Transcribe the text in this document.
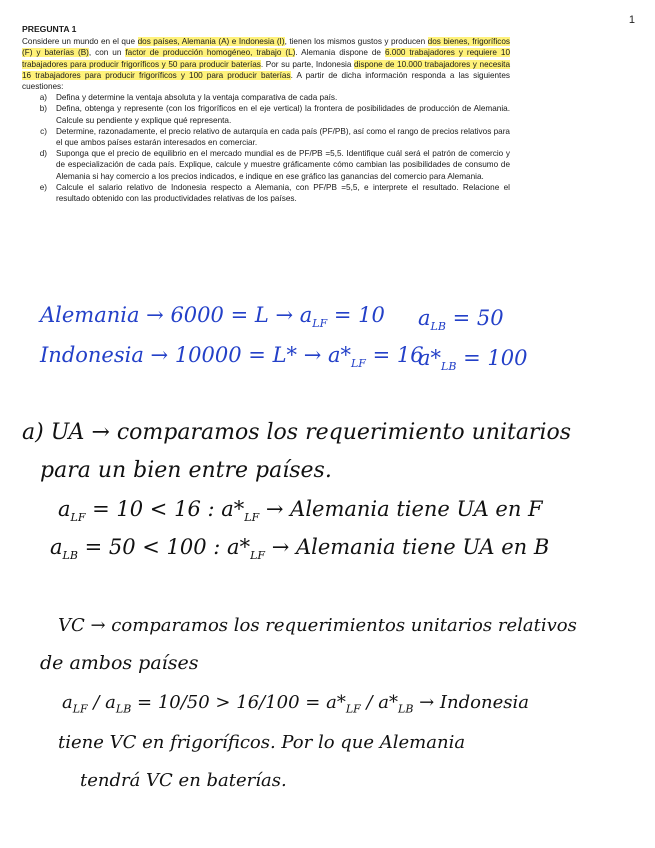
1
PREGUNTA 1

Considere un mundo en el que dos países, Alemania (A) e Indonesia (I), tienen los mismos gustos y producen dos bienes, frigoríficos (F) y baterías (B), con un factor de producción homogéneo, trabajo (L). Alemania dispone de 6.000 trabajadores y requiere 10 trabajadores para producir frigoríficos y 50 para producir baterías. Por su parte, Indonesia dispone de 10.000 trabajadores y necesita 16 trabajadores para producir frigoríficos y 100 para producir baterías. A partir de dicha información responda a las siguientes cuestiones:

a)	Defina y determine la ventaja absoluta y la ventaja comparativa de cada país.
b)	Defina, obtenga y represente (con los frigoríficos en el eje vertical) la frontera de posibilidades de producción de Alemania. Calcule su pendiente y explique qué representa.
c)	Determine, razonadamente, el precio relativo de autarquía en cada país (PF/PB), así como el rango de precios relativos para el que ambos países estarán interesados en comerciar.
d)	Suponga que el precio de equilibrio en el mercado mundial es de PF/PB =5,5. Identifique cuál será el patrón de comercio y de especialización de cada país. Explique, calcule y muestre gráficamente cómo cambian las posibilidades de consumo de Alemania si hay comercio a los precios indicados, e indique en ese gráfico las ganancias del comercio para Alemania.
e)	Calcule el salario relativo de Indonesia respecto a Alemania, con PF/PB =5,5, e interprete el resultado. Relacione el resultado obtenido con las productividades relativas de los países.
Alemania → $6000 = L \to a_{LF} = 10$ $a_{LB} = 50$
Indonesia → $10000 = L* \to a*_{LF} = 16$
$a*_{LB} = 100$
a) UA → comparamos los requerimiento unitarios
para un bien entre países.
$a_{LF} = 10 < 16$ : $a*_{LF}$ → Alemania tiene UA en F
$a_{LB} = 50 < 100$ : $a*_{LF}$ → Alemania tiene UA en B
VC → comparamos los requerimientos unitarios relativos
de ambos países
$a_{LF} / a_{LB} = 10/50 > 16/100 = a*_{LF} / a*_{LB}$ → Indonesia
tiene VC en frigoríficos. Por lo que Alemania
tendrá VC en baterías.
